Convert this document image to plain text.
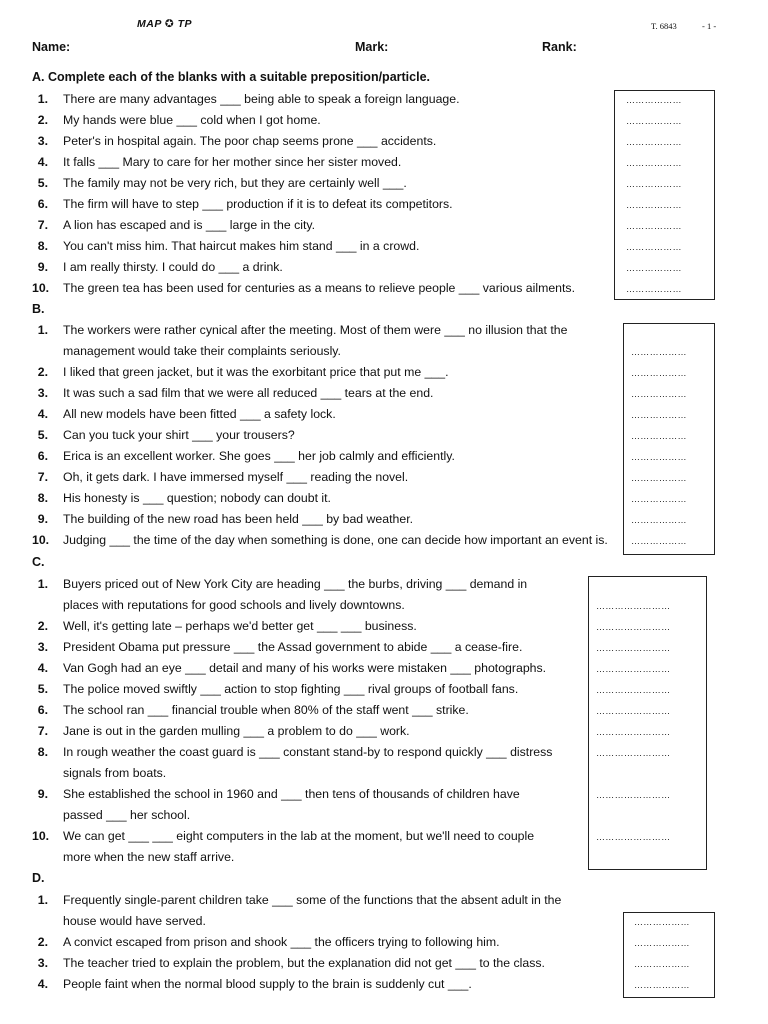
MAP ✪ TP	T. 6843	- 1 -
Name:	Mark:	Rank:
A. Complete each of the blanks with a suitable preposition/particle.
1. There are many advantages ___ being able to speak a foreign language.	………………
2. My hands were blue ___ cold when I got home.	………………
3. Peter's in hospital again. The poor chap seems prone ___ accidents.	………………
4. It falls ___ Mary to care for her mother since her sister moved.	………………
5. The family may not be very rich, but they are certainly well ___.	………………
6. The firm will have to step ___ production if it is to defeat its competitors.	………………
7. A lion has escaped and is ___ large in the city.	………………
8. You can't miss him. That haircut makes him stand ___ in a crowd.	………………
9. I am really thirsty. I could do ___ a drink.	………………
10. The green tea has been used for centuries as a means to relieve people ___ various ailments.	………………
B.
1. The workers were rather cynical after the meeting. Most of them were ___ no illusion that the
management would take their complaints seriously.	………………
2. I liked that green jacket, but it was the exorbitant price that put me ___.	………………
3. It was such a sad film that we were all reduced ___ tears at the end.	………………
4. All new models have been fitted ___ a safety lock.	………………
5. Can you tuck your shirt ___ your trousers?	………………
6. Erica is an excellent worker. She goes ___ her job calmly and efficiently.	………………
7. Oh, it gets dark. I have immersed myself ___ reading the novel.	………………
8. His honesty is ___ question; nobody can doubt it.	………………
9. The building of the new road has been held ___ by bad weather.	………………
10. Judging ___ the time of the day when something is done, one can decide how important an event is.	………………
C.
1. Buyers priced out of New York City are heading ___ the burbs, driving ___ demand in
places with reputations for good schools and lively downtowns.	……………………
2. Well, it's getting late – perhaps we'd better get ___ ___ business.	……………………
3. President Obama put pressure ___ the Assad government to abide ___ a cease-fire.	……………………
4. Van Gogh had an eye ___ detail and many of his works were mistaken ___ photographs.	……………………
5. The police moved swiftly ___ action to stop fighting ___ rival groups of football fans.	……………………
6. The school ran ___ financial trouble when 80% of the staff went ___ strike.	……………………
7. Jane is out in the garden mulling ___ a problem to do ___ work.	……………………
8. In rough weather the coast guard is ___ constant stand-by to respond quickly ___ distress
signals from boats.
……………………
9. She established the school in 1960 and ___ then tens of thousands of children have
passed ___ her school.
……………………
10. We can get ___ ___ eight computers in the lab at the moment, but we'll need to couple
more when the new staff arrive.
……………………
D.
1. Frequently single-parent children take ___ some of the functions that the absent adult in the
house would have served.	………………
2. A convict escaped from prison and shook ___ the officers trying to following him.	………………
3. The teacher tried to explain the problem, but the explanation did not get ___ to the class.	………………
4. People faint when the normal blood supply to the brain is suddenly cut ___.	………………
